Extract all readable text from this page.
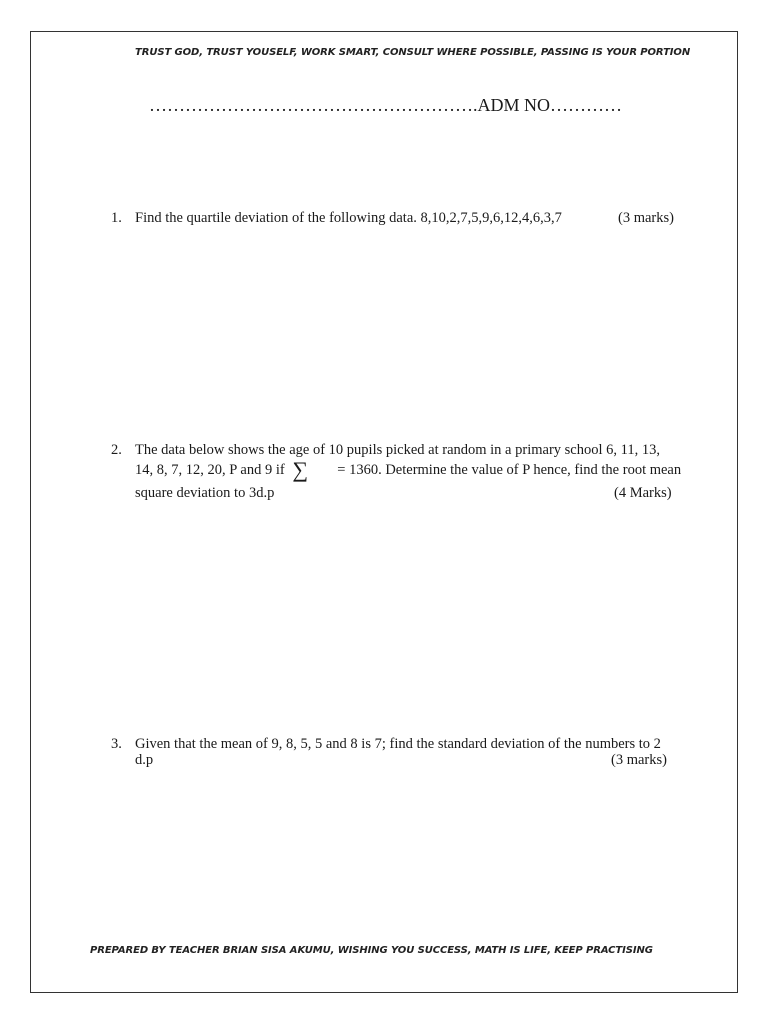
TRUST GOD, TRUST YOUSELF, WORK SMART, CONSULT WHERE POSSIBLE, PASSING IS YOUR PORTION
……………………………………………….ADM NO…………
1. Find the quartile deviation of the following data. 8,10,2,7,5,9,6,12,4,6,3,7	(3 marks)
2. The data below shows the age of 10 pupils picked at random in a primary school 6, 11, 13,
14, 8, 7, 12, 20, P and 9 if ∑ = 1360. Determine the value of P hence, find the root mean
square deviation to 3d.p	(4 Marks)
3. Given that the mean of 9, 8, 5, 5 and 8 is 7; find the standard deviation of the numbers to 2
d.p	(3 marks)
PREPARED BY TEACHER BRIAN SISA AKUMU, WISHING YOU SUCCESS, MATH IS LIFE, KEEP PRACTISING
